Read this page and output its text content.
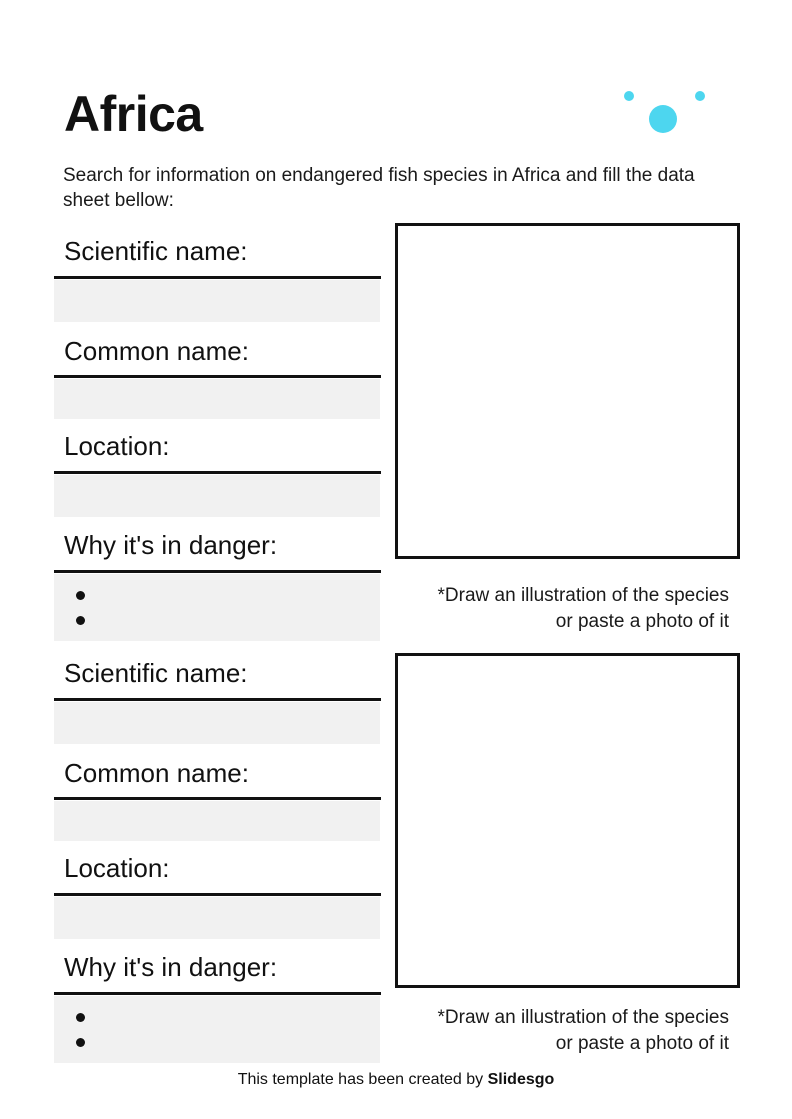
Africa
Search for information on endangered fish species in Africa and fill the data sheet bellow:
Scientific name:
Common name:
Location:
Why it's in danger:
*Draw an illustration of the species
or paste a photo of it
Scientific name:
Common name:
Location:
Why it's in danger:
*Draw an illustration of the species
or paste a photo of it
This template has been created by Slidesgo
